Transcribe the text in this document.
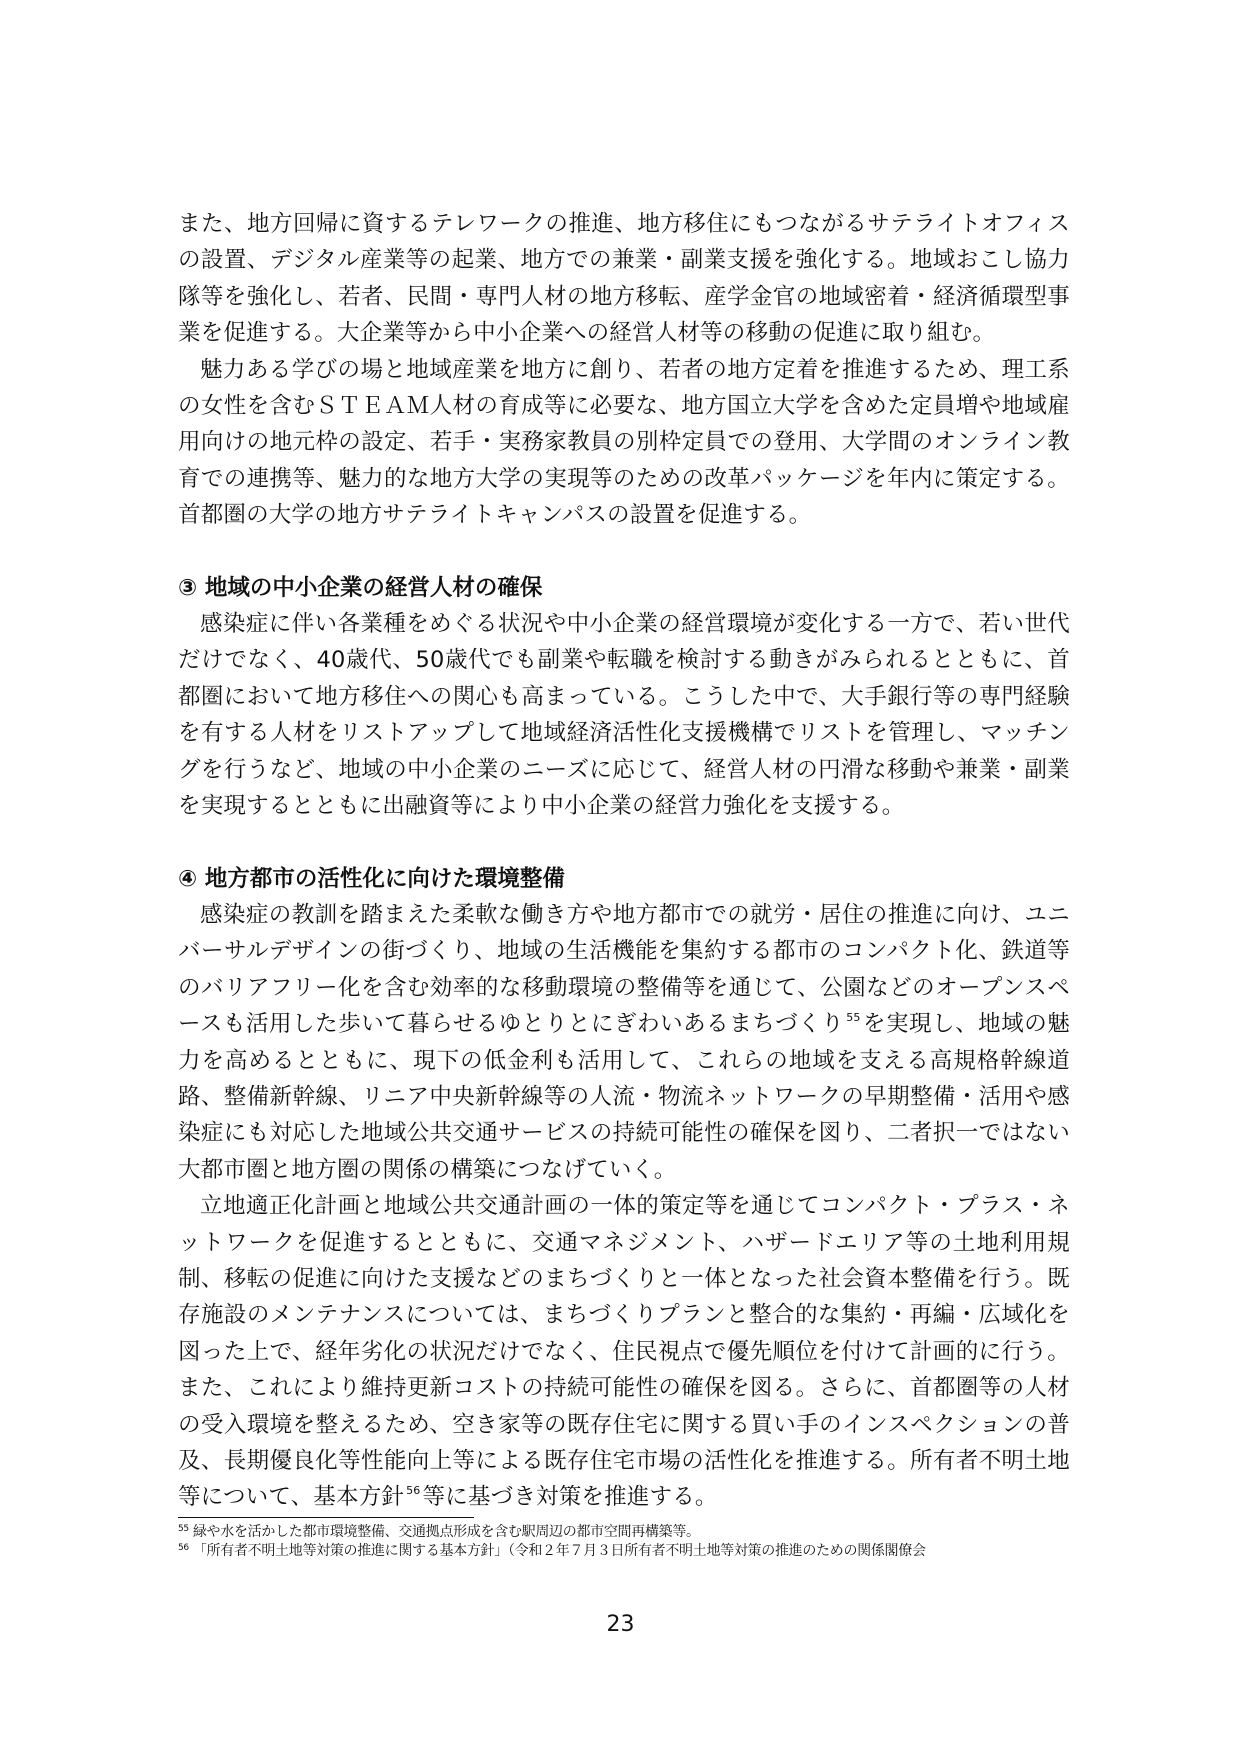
また、地方回帰に資するテレワークの推進、地方移住にもつながるサテライトオフィスの設置、デジタル産業等の起業、地方での兼業・副業支援を強化する。地域おこし協力隊等を強化し、若者、民間・専門人材の地方移転、産学金官の地域密着・経済循環型事業を促進する。大企業等から中小企業への経営人材等の移動の促進に取り組む。

魅力ある学びの場と地域産業を地方に創り、若者の地方定着を推進するため、理工系の女性を含むＳＴＥＡＭ人材の育成等に必要な、地方国立大学を含めた定員増や地域雇用向けの地元枠の設定、若手・実務家教員の別枠定員での登用、大学間のオンライン教育での連携等、魅力的な地方大学の実現等のための改革パッケージを年内に策定する。首都圏の大学の地方サテライトキャンパスの設置を促進する。

③ 地域の中小企業の経営人材の確保

感染症に伴い各業種をめぐる状況や中小企業の経営環境が変化する一方で、若い世代だけでなく、40歳代、50歳代でも副業や転職を検討する動きがみられるとともに、首都圏において地方移住への関心も高まっている。こうした中で、大手銀行等の専門経験を有する人材をリストアップして地域経済活性化支援機構でリストを管理し、マッチングを行うなど、地域の中小企業のニーズに応じて、経営人材の円滑な移動や兼業・副業を実現するとともに出融資等により中小企業の経営力強化を支援する。

④ 地方都市の活性化に向けた環境整備

感染症の教訓を踏まえた柔軟な働き方や地方都市での就労・居住の推進に向け、ユニバーサルデザインの街づくり、地域の生活機能を集約する都市のコンパクト化、鉄道等のバリアフリー化を含む効率的な移動環境の整備等を通じて、公園などのオープンスペースも活用した歩いて暮らせるゆとりとにぎわいあるまちづくり $^{55}$を実現し、地域の魅力を高めるとともに、現下の低金利も活用して、これらの地域を支える高規格幹線道路、整備新幹線、リニア中央新幹線等の人流・物流ネットワークの早期整備・活用や感染症にも対応した地域公共交通サービスの持続可能性の確保を図り、二者択一ではない大都市圏と地方圏の関係の構築につなげていく。

立地適正化計画と地域公共交通計画の一体的策定等を通じてコンパクト・プラス・ネットワークを促進するとともに、交通マネジメント、ハザードエリア等の土地利用規制、移転の促進に向けた支援などのまちづくりと一体となった社会資本整備を行う。既存施設のメンテナンスについては、まちづくりプランと整合的な集約・再編・広域化を図った上で、経年劣化の状況だけでなく、住民視点で優先順位を付けて計画的に行う。また、これにより維持更新コストの持続可能性の確保を図る。さらに、首都圏等の人材の受入環境を整えるため、空き家等の既存住宅に関する買い手のインスペクションの普及、長期優良化等性能向上等による既存住宅市場の活性化を推進する。所有者不明土地等について、基本方針 $^{56}$等に基づき対策を推進する。

$^{55}$ 緑や水を活かした都市環境整備、交通拠点形成を含む駅周辺の都市空間再構築等。
$^{56}$ 「所有者不明土地等対策の推進に関する基本方針」（令和２年７月３日所有者不明土地等対策の推進のための関係閣僚会
23
